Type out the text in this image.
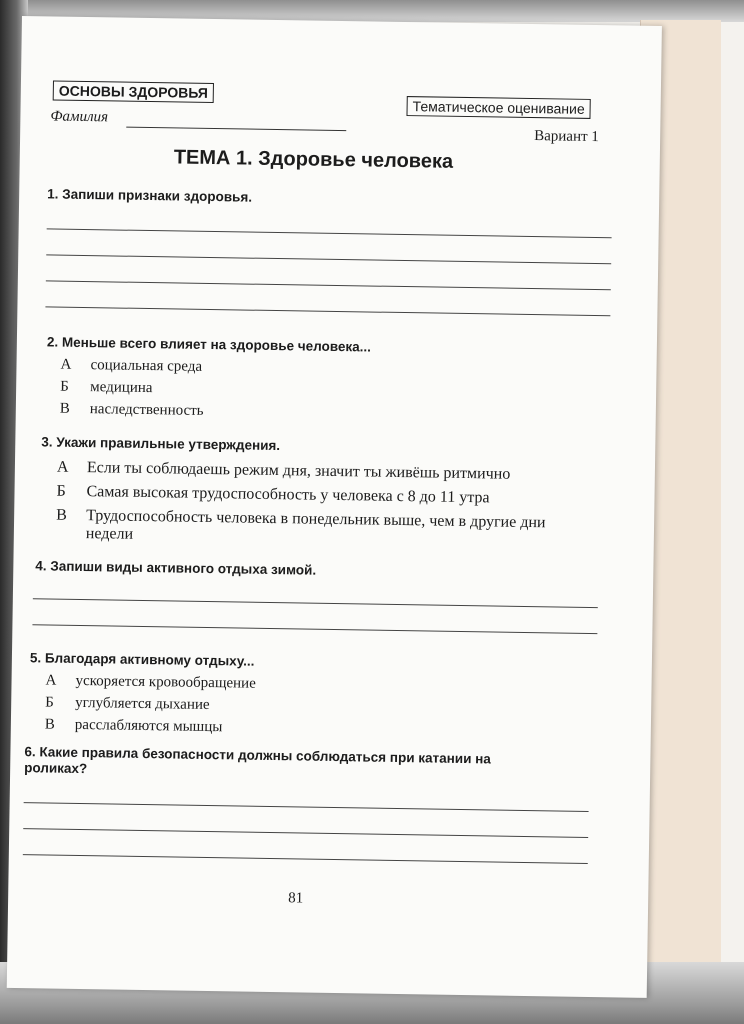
ОСНОВЫ ЗДОРОВЬЯ
Тематическое оценивание
Фамилия
Вариант 1
ТЕМА 1. Здоровье человека
1. Запиши признаки здоровья.
2. Меньше всего влияет на здоровье человека...
А социальная среда
Б медицина
В наследственность
3. Укажи правильные утверждения.
А Если ты соблюдаешь режим дня, значит ты живёшь ритмично
Б Самая высокая трудоспособность у человека с 8 до 11 утра
В Трудоспособность человека в понедельник выше, чем в другие дни недели
4. Запиши виды активного отдыха зимой.
5. Благодаря активному отдыху...
А ускоряется кровообращение
Б углубляется дыхание
В расслабляются мышцы
6. Какие правила безопасности должны соблюдаться при катании на роликах?
81
